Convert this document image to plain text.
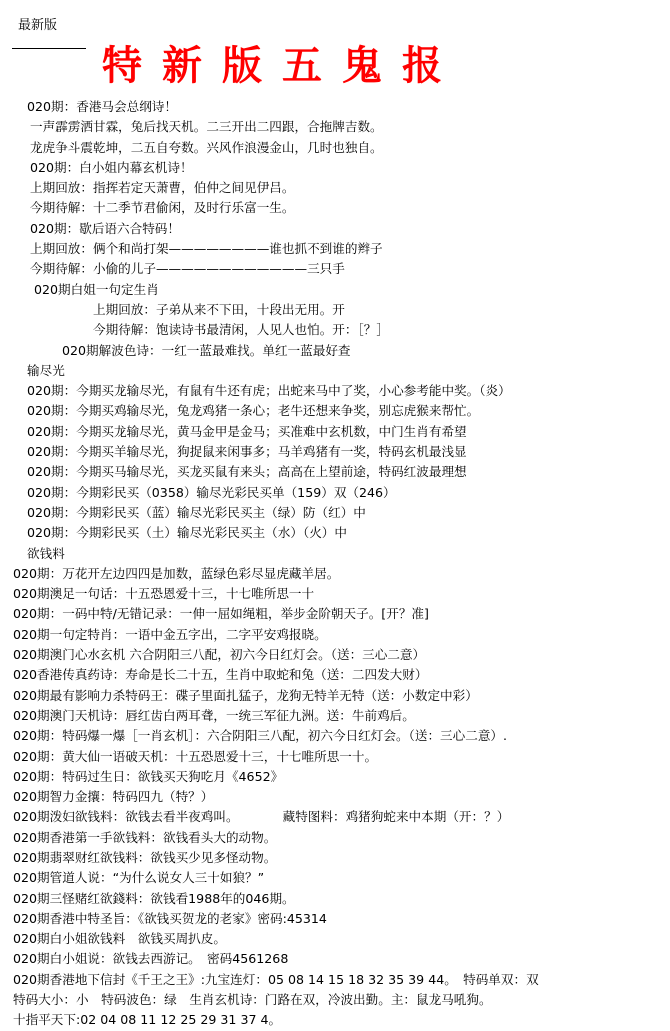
最新版
特新版五鬼报
020期：香港马会总纲诗！
一声霹雳洒甘霖，兔后找天机。二三开出二四跟，合拖牌吉数。
龙虎争斗震乾坤，二五自夸数。兴风作浪漫金山，几时也独自。
020期：白小姐内幕玄机诗！
上期回放：指挥若定天萧曹，伯仲之间见伊吕。
今期待解：十二季节君偷闲，及时行乐富一生。
020期：歇后语六合特码！
上期回放：俩个和尚打架————————谁也抓不到谁的辫子
今期待解：小偷的儿子————————————三只手
020期白姐一句定生肖
上期回放：子弟从来不下田，十段出无用。开
今期待解：饱读诗书最清闲，人见人也怕。开：［？］
020期解波色诗：一红一蓝最难找。单红一蓝最好查
输尽光
020期：今期买龙输尽光，有鼠有牛还有虎；出蛇来马中了奖，小心参考能中奖。（炎）
020期：今期买鸡输尽光，兔龙鸡猪一条心；老牛还想来争奖，别忘虎猴来帮忙。
020期：今期买龙输尽光，黄马金甲是金马；买准难中玄机数，中门生肖有希望
020期：今期买羊输尽光，狗捉鼠来闲事多；马羊鸡猪有一奖，特码玄机最浅显
020期：今期买马输尽光，买龙买鼠有来头；高高在上望前途，特码红波最理想
020期：今期彩民买（0358）输尽光彩民买单（159）双（246）
020期：今期彩民买（蓝）输尽光彩民买主（绿）防（红）中
020期：今期彩民买（土）输尽光彩民买主（水）（火）中
欲钱料
020期：万花开左边四四是加数，蓝绿色彩尽显虎藏羊居。
020期澳足一句话：十五恐恩爱十三，十七唯所思一十
020期：一码中特/无错记录：一伸一屈如绳粗，举步金阶朝天子。[开？准]
020期一句定特肖：一语中金五字出，二字平安鸡报晓。
020期澳门心水玄机 六合阴阳三八配，初六今日红灯会。（送：三心二意）
020香港传真药诗：寿命是长二十五，生肖中取蛇和兔（送：二四发大财）
020期最有影响力杀特码王：碟子里面扎猛子，龙狗无特羊无特（送：小数定中彩）
020期澳门天机诗：唇红齿白两耳聋，一统三军征九洲。送：牛前鸡后。
020期：特码爆一爆［一肖玄机］：六合阴阳三八配，初六今日红灯会。（送：三心二意）.
020期：黄大仙一语破天机：十五恐恩爱十三，十七唯所思一十。
020期：特码过生日：欲钱买天狗吃月《4652》
020期智力金攘：特码四九（特？）
020期泼妇欲钱料：欲钱去看半夜鸡叫。　　　　藏特图料：鸡猪狗蛇来中本期（开：？）
020期香港第一手欲钱料：欲钱看头大的动物。
020期翡翠财红欲钱料：欲钱买少见多怪动物。
020期管道人说：“为什么说女人三十如狼？”
020期三怪赌红欲錢料：欲钱看1988年的046期。
020期香港中特圣旨：《欲钱买贺龙的老家》密码:45314
020期白小姐欲钱料　欲钱买周扒皮。
020期白小姐说：欲钱去西游记。　密码4561268
020期香港地下信封《千王之王》:九宝连灯：05 08 14 15 18 32 35 39 44。　特码单双：双
特码大小：小　特码波色：绿　生肖玄机诗：门路在双，冷波出勤。主：鼠龙马吼狗。
十指平天下:02 04 08 11 12 25 29 31 37 4。
